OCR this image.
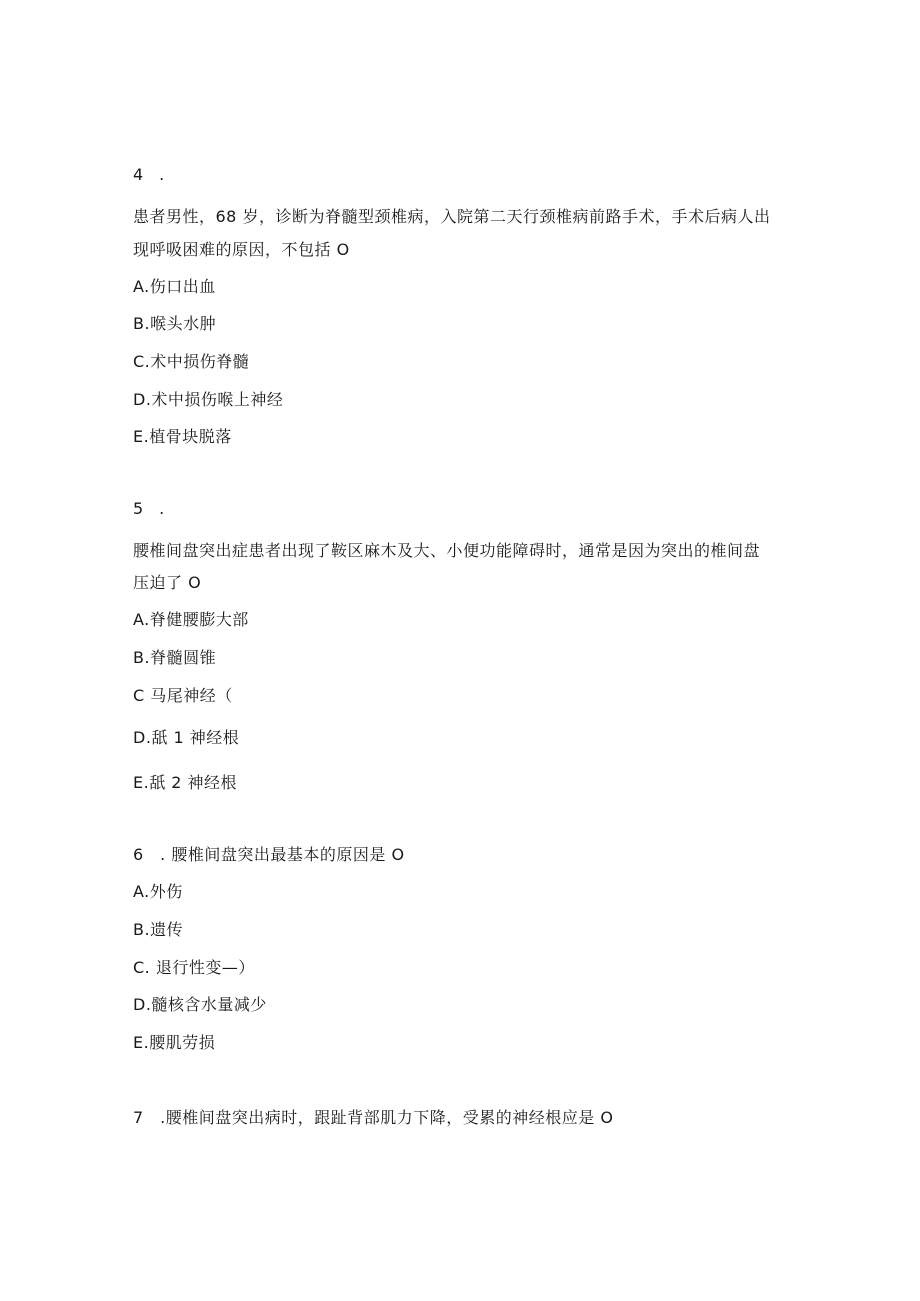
4　.
患者男性，68 岁，诊断为脊髓型颈椎病，入院第二天行颈椎病前路手术，手术后病人出
现呼吸困难的原因，不包括 O
A.伤口出血
B.喉头水肿
C.术中损伤脊髓
D.术中损伤喉上神经
E.植骨块脱落
5　.
腰椎间盘突出症患者出现了鞍区麻木及大、小便功能障碍时，通常是因为突出的椎间盘
压迫了 O
A.脊健腰膨大部
B.脊髓圆锥
C 马尾神经（
D.舐 1 神经根
E.舐 2 神经根
6　. 腰椎间盘突出最基本的原因是 O
A.外伤
B.遗传
C. 退行性变—）
D.髓核含水量减少
E.腰肌劳损
7　.腰椎间盘突出病时，跟趾背部肌力下降，受累的神经根应是 O
